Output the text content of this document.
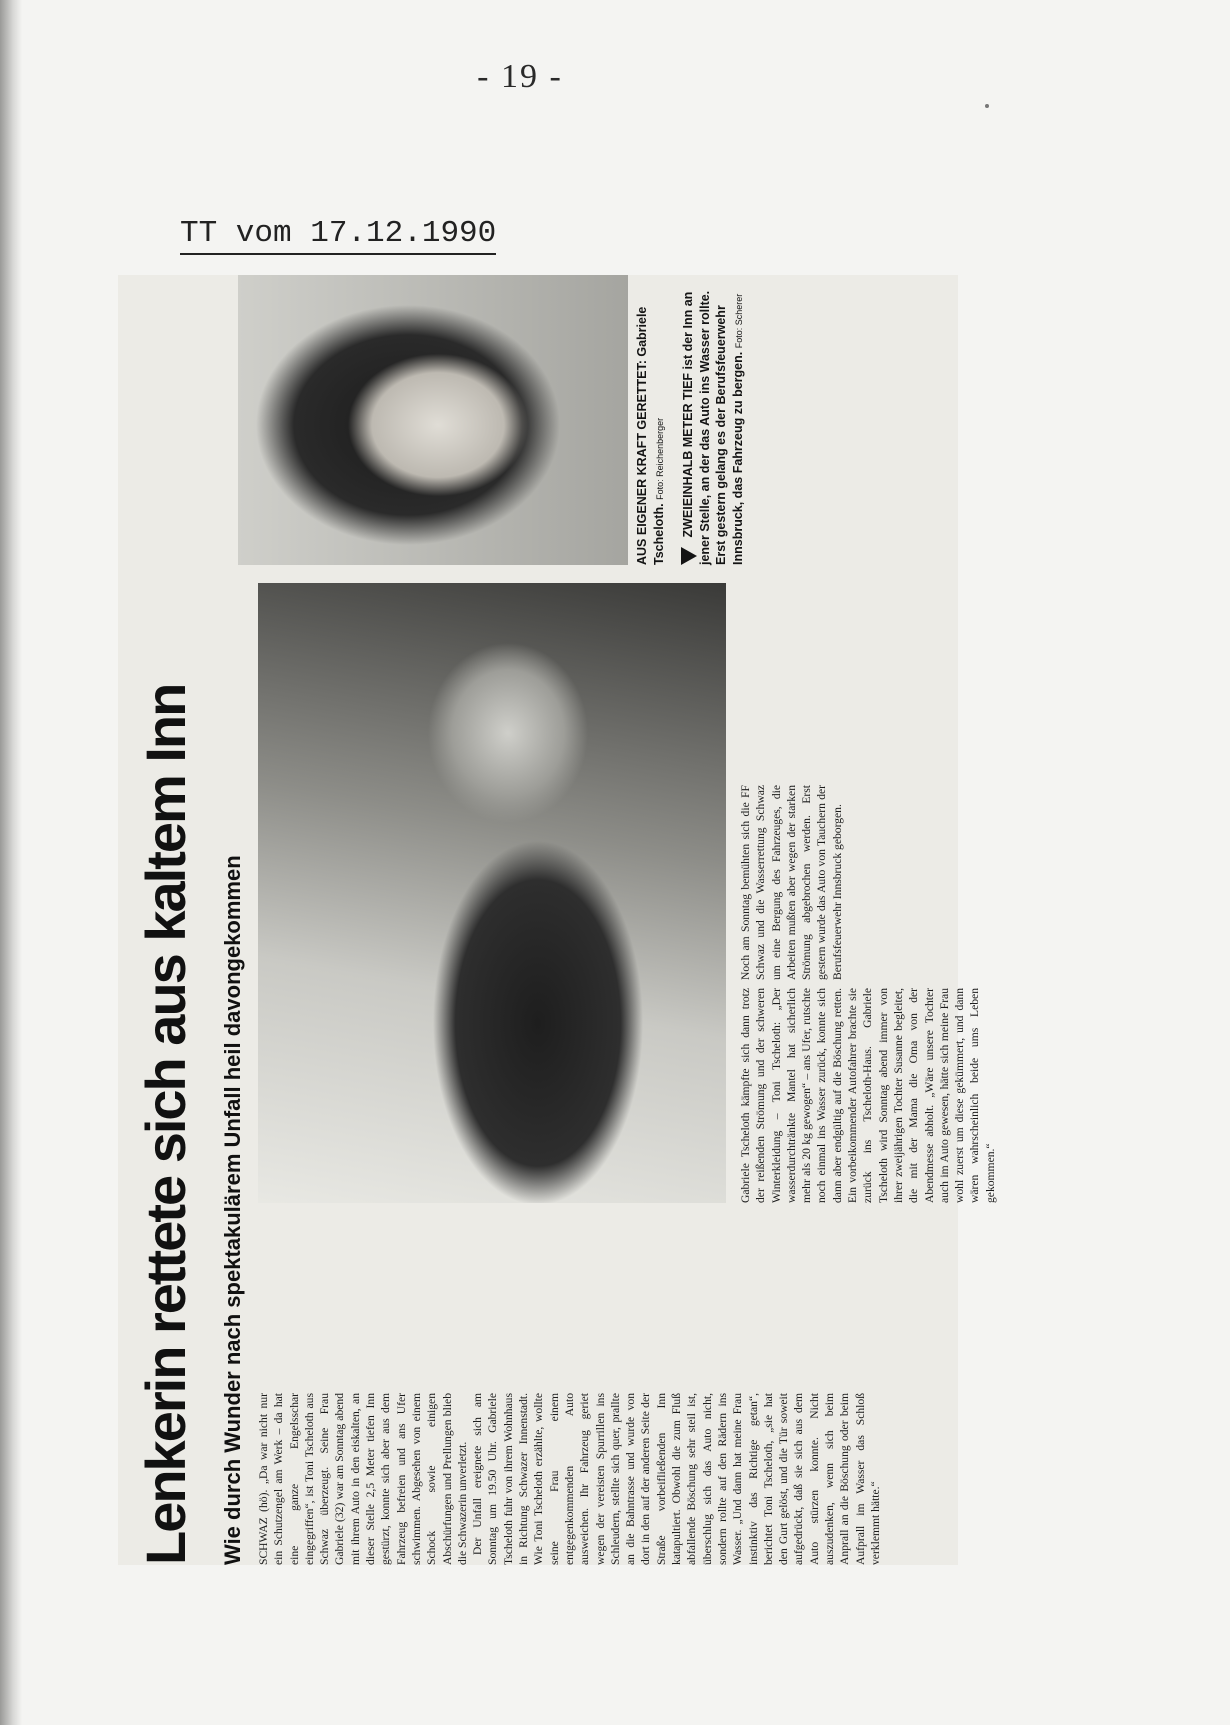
- 19 -
TT vom 17.12.1990
Lenkerin rettete sich aus kaltem Inn	Wie durch Wunder nach spektakulärem Unfall heil davongekommen	SCHWAZ (hö). „Da war nicht nur ein Schutzengel am Werk – da hat eine ganze Engelsschar eingegriffen“, ist Toni Tscheloth aus Schwaz überzeugt. Seine Frau Gabriele (32) war am Sonntag abend mit ihrem Auto in den eiskalten, an dieser Stelle 2,5 Meter tiefen Inn gestürzt, konnte sich aber aus dem Fahrzeug befreien und ans Ufer schwimmen. Abgesehen von einem Schock sowie einigen Abschürfungen und Prellungen blieb die Schwazerin unverletzt. Der Unfall ereignete sich am Sonntag um 19.50 Uhr. Gabriele Tscheloth fuhr von ihrem Wohnhaus in Richtung Schwazer Innenstadt. Wie Toni Tscheloth erzählte, wollte seine Frau einem entgegenkommenden Auto ausweichen. Ihr Fahrzeug geriet wegen der vereisten Spurrillen ins Schleudern, stellte sich quer, prallte an die Bahntrasse und wurde von dort in den auf der anderen Seite der Straße vorbeifließenden Inn katapultiert. Obwohl die zum Fluß abfallende Böschung sehr steil ist, überschlug sich das Auto nicht, sondern rollte auf den Rädern ins Wasser. „Und dann hat meine Frau instinktiv das Richtige getan“, berichtet Toni Tscheloth, „sie hat den Gurt gelöst, und die Tür soweit aufgedrückt, daß sie sich aus dem Auto stürzen konnte. Nicht auszudenken, wenn sich beim Anprall an die Böschung oder beim Aufprall im Wasser das Schloß verklemmt hätte.“

Gabriele Tscheloth kämpfte sich dann trotz der reißenden Strömung und der schweren Winterkleidung – Toni Tscheloth: „Der wasserdurchtränkte Mantel hat sicherlich mehr als 20 kg gewogen“ – ans Ufer, rutschte noch einmal ins Wasser zurück, konnte sich dann aber endgültig auf die Böschung retten. Ein vorbeikommender Autofahrer brachte sie zurück ins Tscheloth-Haus. Gabriele Tscheloth wird Sonntag abend immer von ihrer zweijährigen Tochter Susanne begleitet, die mit der Mama die Oma von der Abendmesse abholt. „Wäre unsere Tochter auch im Auto gewesen, hätte sich meine Frau wohl zuerst um diese gekümmert, und dann wären wahrscheinlich beide ums Leben gekommen.“

Noch am Sonntag bemühten sich die FF Schwaz und die Wasserrettung Schwaz um eine Bergung des Fahrzeuges, die Arbeiten mußten aber wegen der starken Strömung abgebrochen werden. Erst gestern wurde das Auto von Tauchern der Berufsfeuerwehr Innsbruck geborgen.

AUS EIGENER KRAFT GERETTET: Gabriele Tscheloth. Foto: Reichenberger	ZWEIEINHALB METER TIEF ist der Inn an jener Stelle, an der das Auto ins Wasser rollte. Erst gestern gelang es der Berufsfeuerwehr Innsbruck, das Fahrzeug zu bergen. Foto: Scherer
